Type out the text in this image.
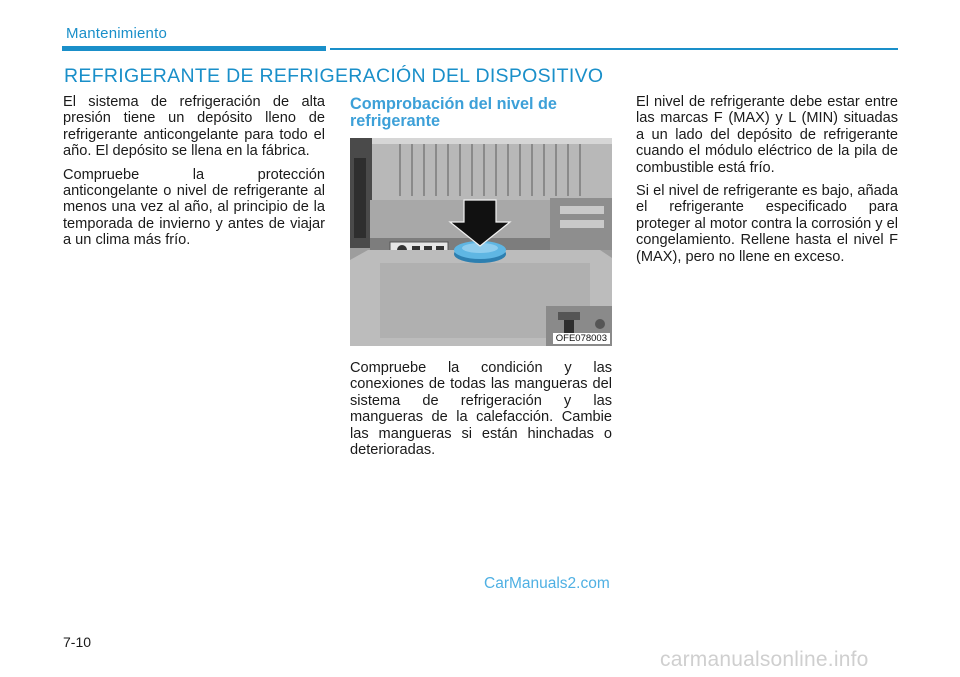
Mantenimiento
REFRIGERANTE DE REFRIGERACIÓN DEL DISPOSITIVO

El sistema de refrigeración de alta presión tiene un depósito lleno de refrigerante anticongelante para todo el año. El depósito se llena en la fábrica.

Compruebe la protección anticongelante o nivel de refrigerante al menos una vez al año, al principio de la temporada de invierno y antes de viajar a un clima más frío.

Comprobación del nivel de refrigerante
OFE078003

Compruebe la condición y las conexiones de todas las mangueras del sistema de refrigeración y las mangueras de la calefacción. Cambie las mangueras si están hinchadas o deterioradas.

El nivel de refrigerante debe estar entre las marcas F (MAX) y L (MIN) situadas a un lado del depósito de refrigerante cuando el módulo eléctrico de la pila de combustible está frío.

Si el nivel de refrigerante es bajo, añada el refrigerante especificado para proteger al motor contra la corrosión y el congelamiento. Rellene hasta el nivel F (MAX), pero no llene en exceso.

CarManuals2.com
7-10
carmanualsonline.info
